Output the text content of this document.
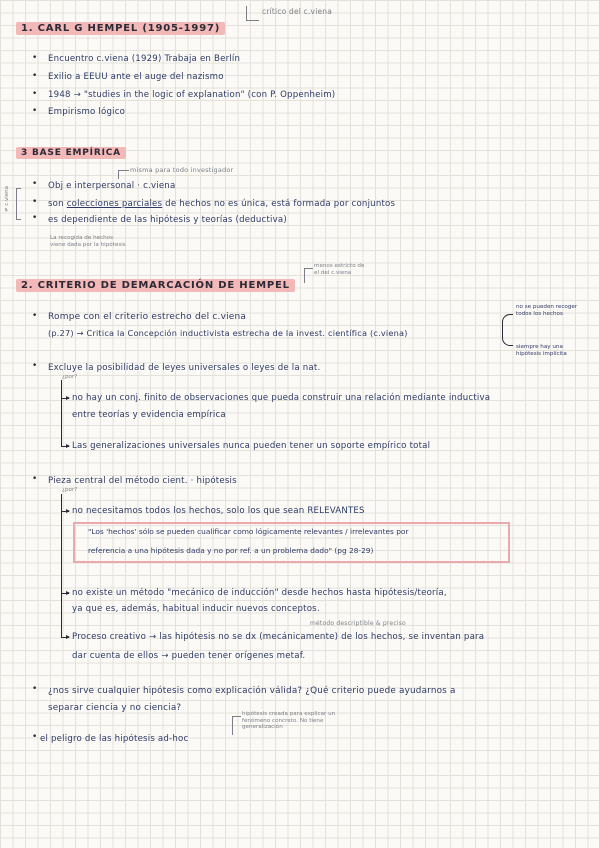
1. CARL G HEMPEL (1905-1997)
crítico del c.viena
• Encuentro c.viena (1929) Trabaja en Berlín
• Exilio a EEUU ante el auge del nazismo
• 1948 → "studies in the logic of explanation" (con P. Oppenheim)
• Empirismo lógico
3 BASE EMPÍRICA
misma para todo investigador
≠ c.viena
• Obj e interpersonal · c.viena
• son colecciones parciales de hechos no es única, está formada por conjuntos
• es dependiente de las hipótesis y teorías (deductiva)
La recogida de hechos viene dada por la hipótesis
2. CRITERIO DE DEMARCACIÓN DE HEMPEL
menos estricto de el del c.viena
• Rompe con el criterio estrecho del c.viena
(p.27) → Critica la Concepción inductivista estrecha de la invest. científica (c.viena)
no se pueden recoger todos los hechos
siempre hay una hipótesis implícita
• Excluye la posibilidad de leyes universales o leyes de la nat.
¿por?
no hay un conj. finito de observaciones que pueda construir una relación mediante inductiva
entre teorías y evidencia empírica
Las generalizaciones universales nunca pueden tener un soporte empírico total
• Pieza central del método cient. · hipótesis
¿por?
no necesitamos todos los hechos, solo los que sean RELEVANTES
"Los 'hechos' sólo se pueden cualificar como lógicamente relevantes / irrelevantes por
referencia a una hipótesis dada y no por ref. a un problema dado" (pg 28-29)
no existe un método "mecánico de inducción" desde hechos hasta hipótesis/teoría,
ya que es, además, habitual inducir nuevos conceptos.
método descriptible & preciso
Proceso creativo → las hipótesis no se dx (mecánicamente) de los hechos, se inventan para
dar cuenta de ellos → pueden tener orígenes metaf.
• ¿nos sirve cualquier hipótesis como explicación válida? ¿Qué criterio puede ayudarnos a
separar ciencia y no ciencia?
• el peligro de las hipótesis ad-hoc
hipótesis creada para explicar un fenómeno concreto. No tiene generalización
